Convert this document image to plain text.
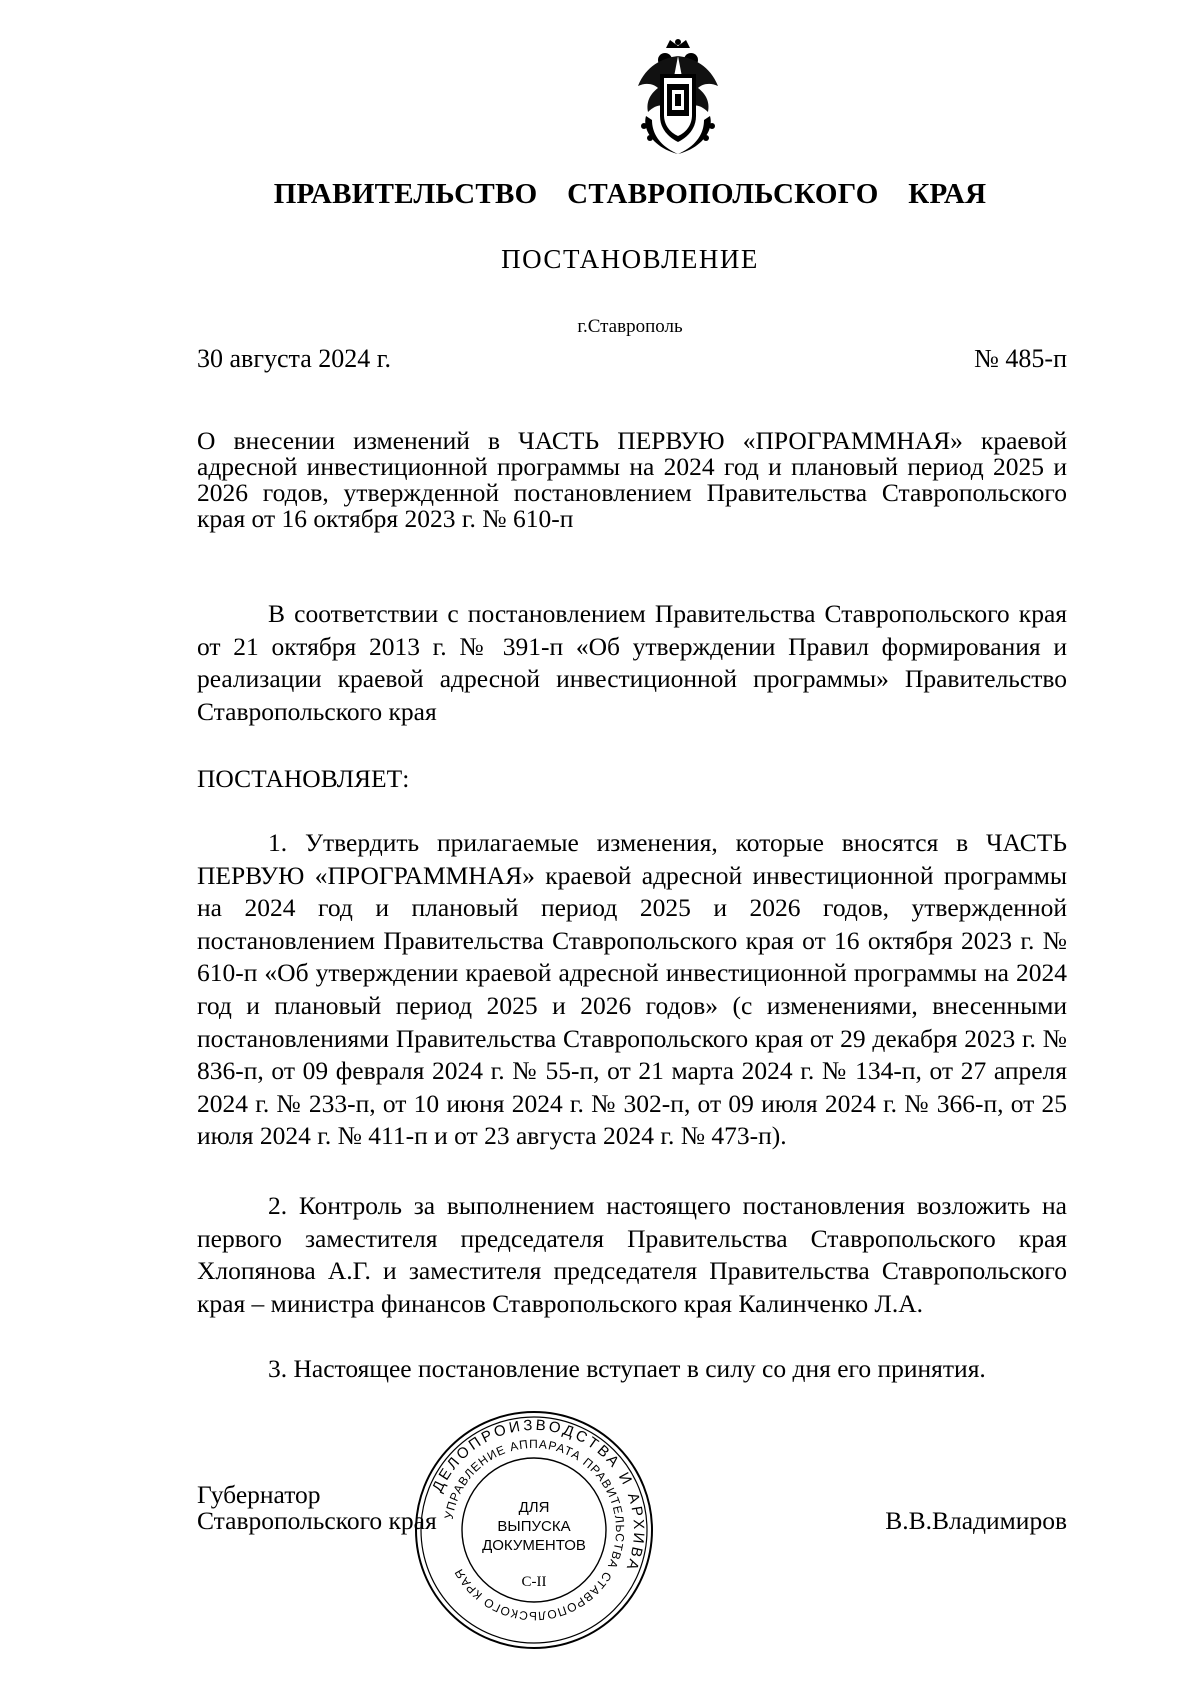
ПРАВИТЕЛЬСТВО СТАВРОПОЛЬСКОГО КРАЯ
ПОСТАНОВЛЕНИЕ
г.Ставрополь
30 августа 2024 г.	№ 485-п
О внесении изменений в ЧАСТЬ ПЕРВУЮ «ПРОГРАММНАЯ» краевой адресной инвестиционной программы на 2024 год и плановый период 2025 и 2026 годов, утвержденной постановлением Правительства Ставропольского края от 16 октября 2023 г. № 610-п

В соответствии с постановлением Правительства Ставропольского края от 21 октября 2013 г. № 391-п «Об утверждении Правил формирования и реализации краевой адресной инвестиционной программы» Правительство Ставропольского края

ПОСТАНОВЛЯЕТ:

1. Утвердить прилагаемые изменения, которые вносятся в ЧАСТЬ ПЕРВУЮ «ПРОГРАММНАЯ» краевой адресной инвестиционной программы на 2024 год и плановый период 2025 и 2026 годов, утвержденной постановлением Правительства Ставропольского края от 16 октября 2023 г. № 610-п «Об утверждении краевой адресной инвестиционной программы на 2024 год и плановый период 2025 и 2026 годов» (с изменениями, внесенными постановлениями Правительства Ставропольского края от 29 декабря 2023 г. № 836-п, от 09 февраля 2024 г. № 55-п, от 21 марта 2024 г. № 134-п, от 27 апреля 2024 г. № 233-п, от 10 июня 2024 г. № 302-п, от 09 июля 2024 г. № 366-п, от 25 июля 2024 г. № 411-п и от 23 августа 2024 г. № 473-п).

2. Контроль за выполнением настоящего постановления возложить на первого заместителя председателя Правительства Ставропольского края Хлопянова А.Г. и заместителя председателя Правительства Ставропольского края – министра финансов Ставропольского края Калинченко Л.А.

3. Настоящее постановление вступает в силу со дня его принятия.

Губернатор
Ставропольского края	В.В.Владимиров
ДЕЛОПРОИЗВОДСТВА И АРХИВА
УПРАВЛЕНИЕ АППАРАТА ПРАВИТЕЛЬСТВА СТАВРОПОЛЬСКОГО КРАЯ
ДЛЯ
ВЫПУСКА
ДОКУМЕНТОВ
С-II
